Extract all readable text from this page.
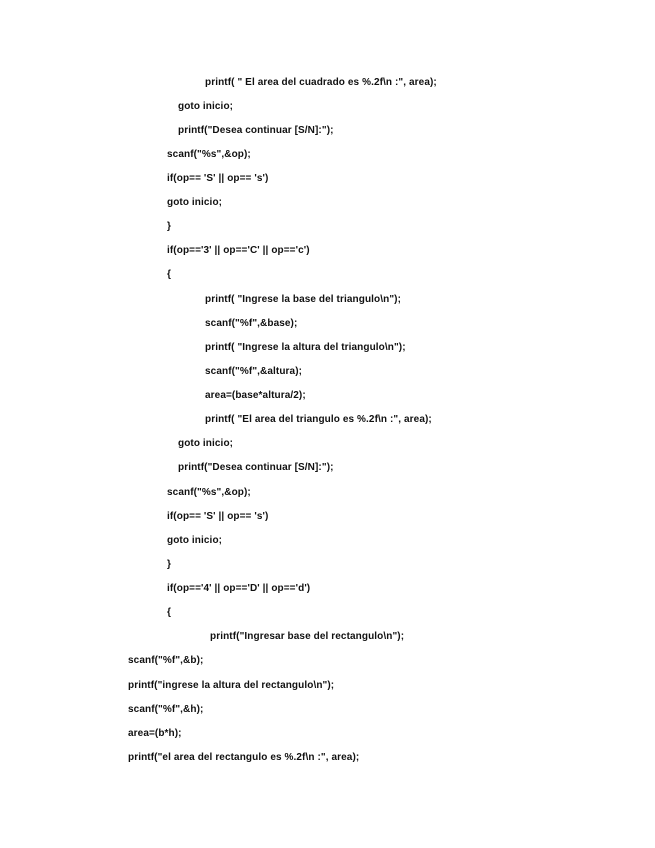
printf( " El area del cuadrado es %.2f\n :", area);
goto inicio;
printf("Desea continuar [S/N]:");
scanf("%s",&op);
if(op== 'S' || op== 's')
goto inicio;
}
if(op=='3' || op=='C' || op=='c')
{
printf( "Ingrese la base del triangulo\n");
scanf("%f",&base);
printf( "Ingrese la altura del triangulo\n");
scanf("%f",&altura);
area=(base*altura/2);
printf( "El area del triangulo es %.2f\n :", area);
goto inicio;
printf("Desea continuar [S/N]:");
scanf("%s",&op);
if(op== 'S' || op== 's')
goto inicio;
}
if(op=='4' || op=='D' || op=='d')
{
printf("Ingresar base del rectangulo\n");
scanf("%f",&b);
printf("ingrese la altura del rectangulo\n");
scanf("%f",&h);
area=(b*h);
printf("el area del rectangulo es %.2f\n :", area);
